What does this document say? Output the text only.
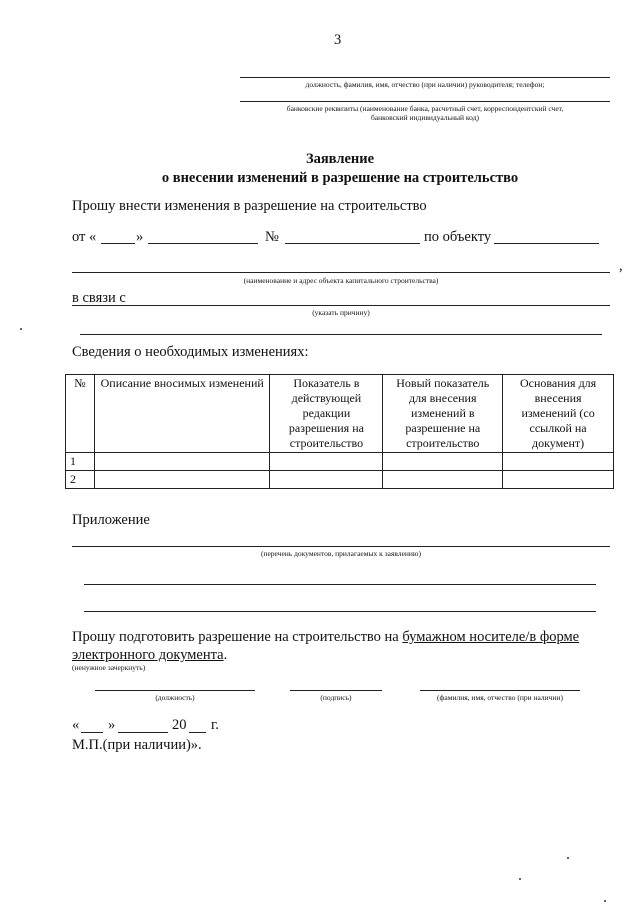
3
должность, фамилия, имя, отчество (при наличии) руководителя; телефон;
банковские реквизиты (наименование банка, расчетный счет, корреспондентский счет,
банковский индивидуальный код)
Заявление
о внесении изменений в разрешение на строительство
Прошу внести изменения в разрешение на строительство
от «	»	№	по объекту
,
(наименование и адрес объекта капитального строительства)
в связи с
(указать причину)
Сведения о необходимых изменениях:
№	Описание вносимых изменений	Показатель в действующей редакции разрешения на строительство	Новый показатель для внесения изменений в разрешение на строительство	Основания для внесения изменений (со ссылкой на документ)
1				
2				
Приложение
(перечень документов, прилагаемых к заявлению)
Прошу подготовить разрешение на строительство на бумажном носителе/в форме
электронного документа.
(ненужное зачеркнуть)
(должность)	(подпись)	(фамилия, имя, отчество (при наличии)
« »	20 г.
М.П.(при наличии)».
